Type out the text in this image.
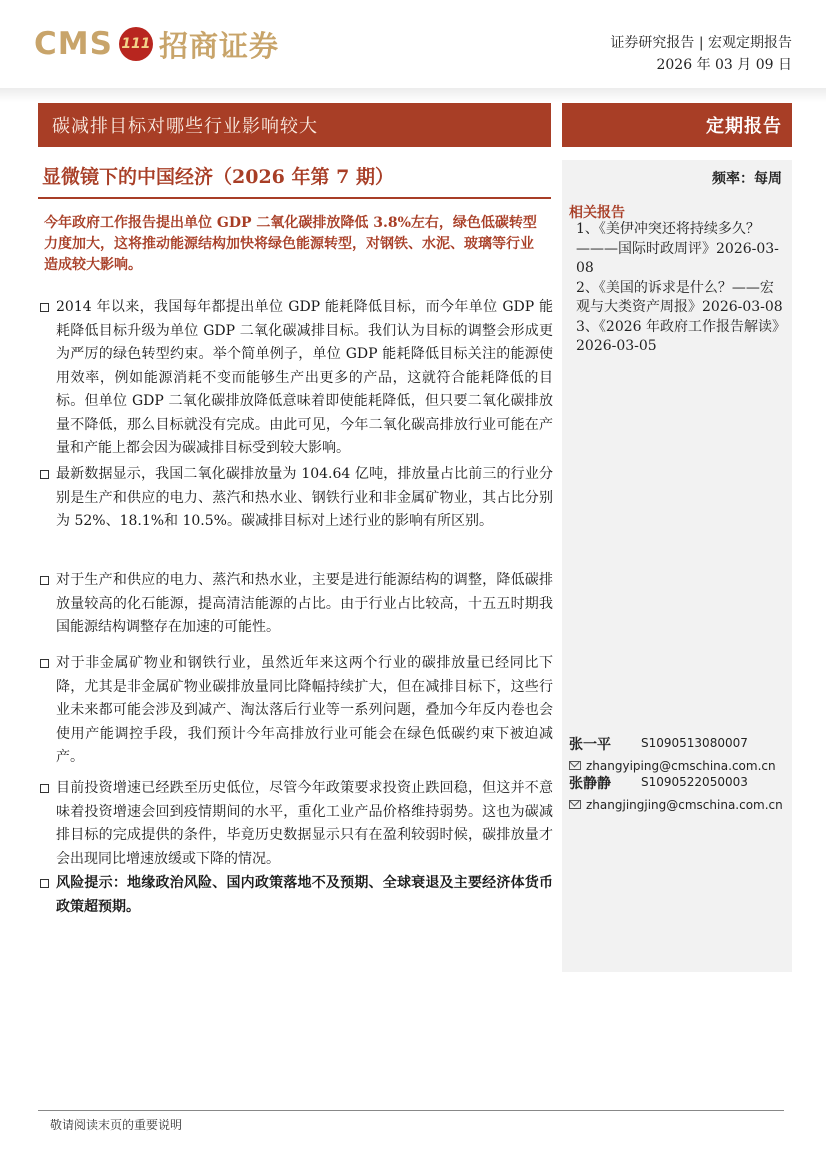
CMS 111 招商证券	证券研究报告 | 宏观定期报告
2026 年 03 月 09 日
碳减排目标对哪些行业影响较大	定期报告
显微镜下的中国经济（2026 年第 7 期）
今年政府工作报告提出单位 GDP 二氧化碳排放降低 3.8%左右，绿色低碳转型力度加大，这将推动能源结构加快将绿色能源转型，对钢铁、水泥、玻璃等行业造成较大影响。
2014 年以来，我国每年都提出单位 GDP 能耗降低目标，而今年单位 GDP 能耗降低目标升级为单位 GDP 二氧化碳减排目标。我们认为目标的调整会形成更为严厉的绿色转型约束。举个简单例子，单位 GDP 能耗降低目标关注的能源使用效率，例如能源消耗不变而能够生产出更多的产品，这就符合能耗降低的目标。但单位 GDP 二氧化碳排放降低意味着即使能耗降低，但只要二氧化碳排放量不降低，那么目标就没有完成。由此可见，今年二氧化碳高排放行业可能在产量和产能上都会因为碳减排目标受到较大影响。
最新数据显示，我国二氧化碳排放量为 104.64 亿吨，排放量占比前三的行业分别是生产和供应的电力、蒸汽和热水业、钢铁行业和非金属矿物业，其占比分别为 52%、18.1%和 10.5%。碳减排目标对上述行业的影响有所区别。
对于生产和供应的电力、蒸汽和热水业，主要是进行能源结构的调整，降低碳排放量较高的化石能源，提高清洁能源的占比。由于行业占比较高，十五五时期我国能源结构调整存在加速的可能性。
对于非金属矿物业和钢铁行业，虽然近年来这两个行业的碳排放量已经同比下降，尤其是非金属矿物业碳排放量同比降幅持续扩大，但在减排目标下，这些行业未来都可能会涉及到减产、淘汰落后行业等一系列问题，叠加今年反内卷也会使用产能调控手段，我们预计今年高排放行业可能会在绿色低碳约束下被迫减产。
目前投资增速已经跌至历史低位，尽管今年政策要求投资止跌回稳，但这并不意味着投资增速会回到疫情期间的水平，重化工业产品价格维持弱势。这也为碳减排目标的完成提供的条件，毕竟历史数据显示只有在盈利较弱时候，碳排放量才会出现同比增速放缓或下降的情况。
风险提示：地缘政治风险、国内政策落地不及预期、全球衰退及主要经济体货币政策超预期。
频率：每周
相关报告

1、《美伊冲突还将持续多久？———国际时政周评》2026-03-08

2、《美国的诉求是什么？——宏观与大类资产周报》2026-03-08

3、《2026 年政府工作报告解读》2026-03-05

张一平	S1090513080007
zhangyiping@cmschina.com.cn
张静静	S1090522050003
zhangjingjing@cmschina.com.cn
敬请阅读末页的重要说明
